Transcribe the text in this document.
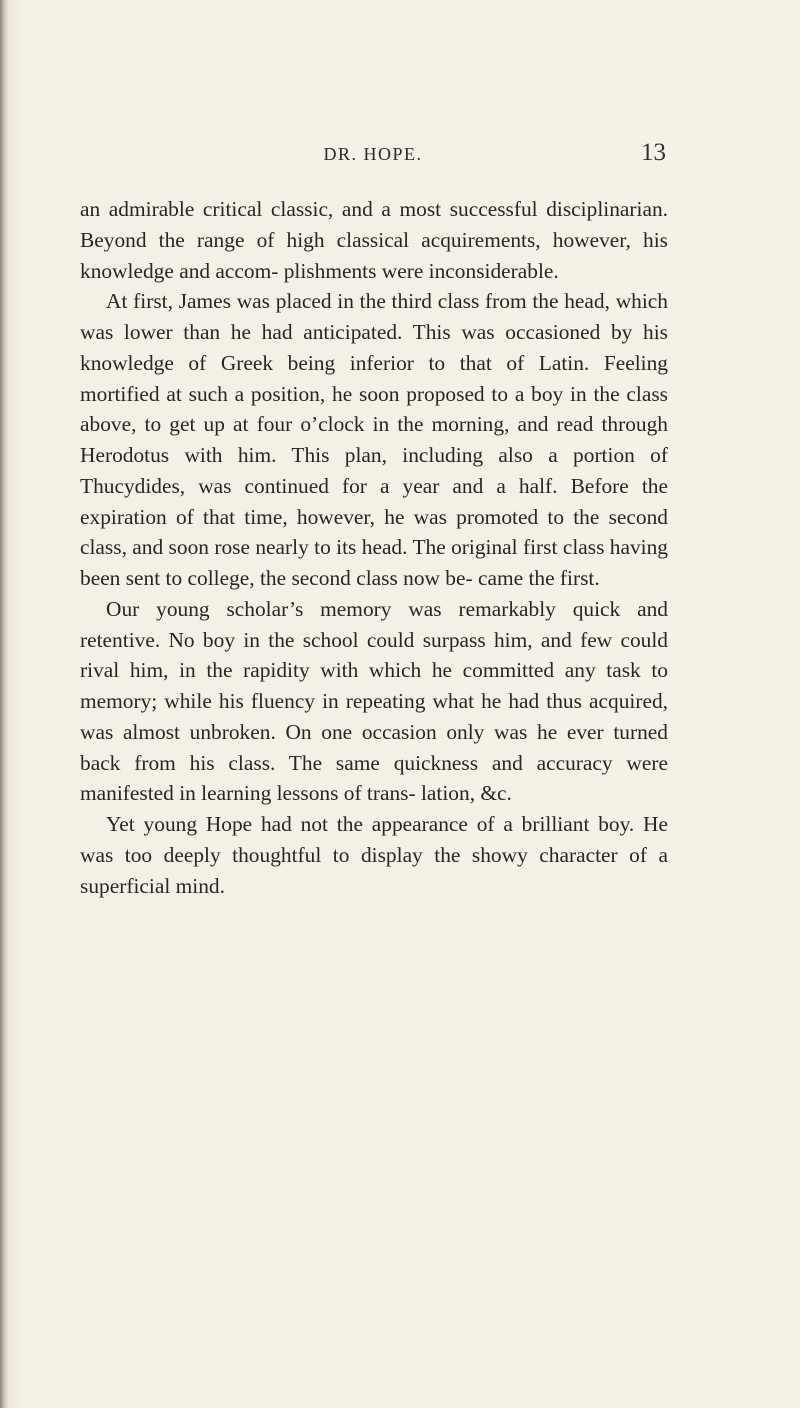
DR. HOPE.	13

an admirable critical classic, and a most successful disciplinarian. Beyond the range of high classical acquirements, however, his knowledge and accom- plishments were inconsiderable.

At first, James was placed in the third class from the head, which was lower than he had anticipated. This was occasioned by his knowledge of Greek being inferior to that of Latin. Feeling mortified at such a position, he soon proposed to a boy in the class above, to get up at four o’clock in the morning, and read through Herodotus with him. This plan, including also a portion of Thucydides, was continued for a year and a half. Before the expiration of that time, however, he was promoted to the second class, and soon rose nearly to its head. The original first class having been sent to college, the second class now be- came the first.

Our young scholar’s memory was remarkably quick and retentive. No boy in the school could surpass him, and few could rival him, in the rapidity with which he committed any task to memory; while his fluency in repeating what he had thus acquired, was almost unbroken. On one occasion only was he ever turned back from his class. The same quickness and accuracy were manifested in learning lessons of trans- lation, &c.

Yet young Hope had not the appearance of a brilliant boy. He was too deeply thoughtful to display the showy character of a superficial mind.
